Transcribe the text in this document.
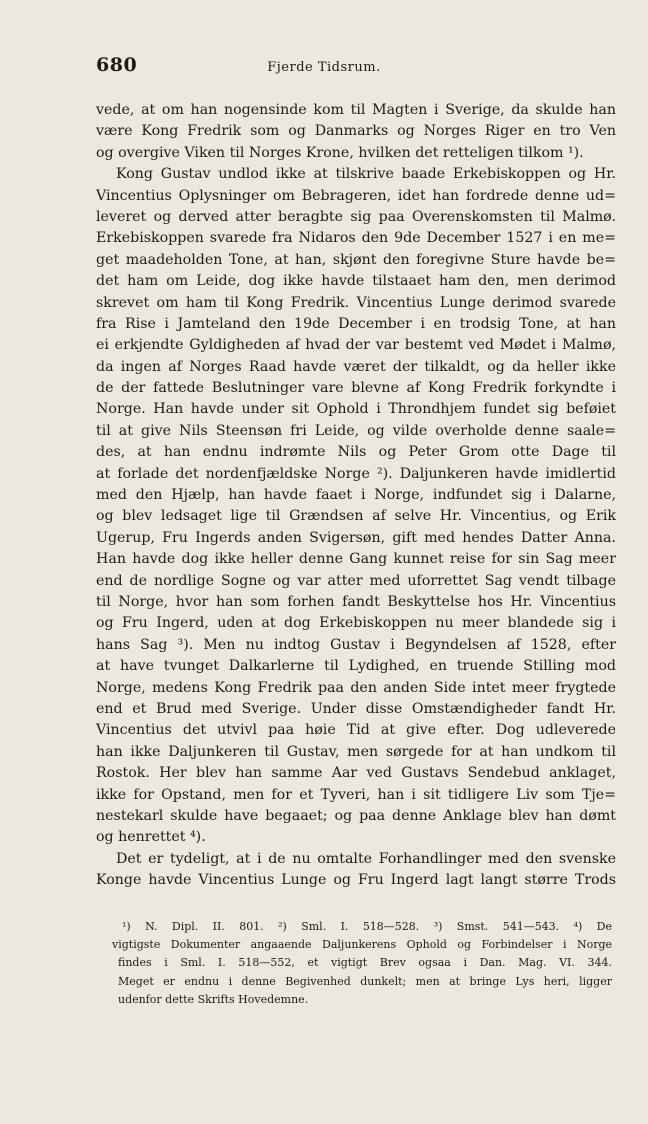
680	Fjerde Tidsrum.
vede, at om han nogensinde kom til Magten i Sverige, da skulde han
være Kong Fredrik som og Danmarks og Norges Riger en tro Ven
og overgive Viken til Norges Krone, hvilken det retteligen tilkom ¹).
Kong Gustav undlod ikke at tilskrive baade Erkebiskoppen og Hr.
Vincentius Oplysninger om Bebrageren, idet han fordrede denne ud=
leveret og derved atter beragbte sig paa Overenskomsten til Malmø.
Erkebiskoppen svarede fra Nidaros den 9de December 1527 i en me=
get maadeholden Tone, at han, skjønt den foregivne Sture havde be=
det ham om Leide, dog ikke havde tilstaaet ham den, men derimod
skrevet om ham til Kong Fredrik. Vincentius Lunge derimod svarede
fra Rise i Jamteland den 19de December i en trodsig Tone, at han
ei erkjendte Gyldigheden af hvad der var bestemt ved Mødet i Malmø,
da ingen af Norges Raad havde været der tilkaldt, og da heller ikke
de der fattede Beslutninger vare blevne af Kong Fredrik forkyndte i
Norge. Han havde under sit Ophold i Throndhjem fundet sig beføiet
til at give Nils Steensøn fri Leide, og vilde overholde denne saale=
des, at han endnu indrømte Nils og Peter Grom otte Dage til
at forlade det nordenfjældske Norge ²). Daljunkeren havde imidlertid
med den Hjælp, han havde faaet i Norge, indfundet sig i Dalarne,
og blev ledsaget lige til Grændsen af selve Hr. Vincentius, og Erik
Ugerup, Fru Ingerds anden Svigersøn, gift med hendes Datter Anna.
Han havde dog ikke heller denne Gang kunnet reise for sin Sag meer
end de nordlige Sogne og var atter med uforrettet Sag vendt tilbage
til Norge, hvor han som forhen fandt Beskyttelse hos Hr. Vincentius
og Fru Ingerd, uden at dog Erkebiskoppen nu meer blandede sig i
hans Sag ³). Men nu indtog Gustav i Begyndelsen af 1528, efter
at have tvunget Dalkarlerne til Lydighed, en truende Stilling mod
Norge, medens Kong Fredrik paa den anden Side intet meer frygtede
end et Brud med Sverige. Under disse Omstændigheder fandt Hr.
Vincentius det utvivl paa høie Tid at give efter. Dog udleverede
han ikke Daljunkeren til Gustav, men sørgede for at han undkom til
Rostok. Her blev han samme Aar ved Gustavs Sendebud anklaget,
ikke for Opstand, men for et Tyveri, han i sit tidligere Liv som Tje=
nestekarl skulde have begaaet; og paa denne Anklage blev han dømt
og henrettet ⁴).
Det er tydeligt, at i de nu omtalte Forhandlinger med den svenske
Konge havde Vincentius Lunge og Fru Ingerd lagt langt større Trods
¹) N. Dipl. II. 801. ²) Sml. I. 518—528. ³) Smst. 541—543. ⁴) De
vigtigste Dokumenter angaaende Daljunkerens Ophold og Forbindelser i Norge
findes i Sml. I. 518—552, et vigtigt Brev ogsaa i Dan. Mag. VI. 344.
Meget er endnu i denne Begivenhed dunkelt; men at bringe Lys heri, ligger
udenfor dette Skrifts Hovedemne.
